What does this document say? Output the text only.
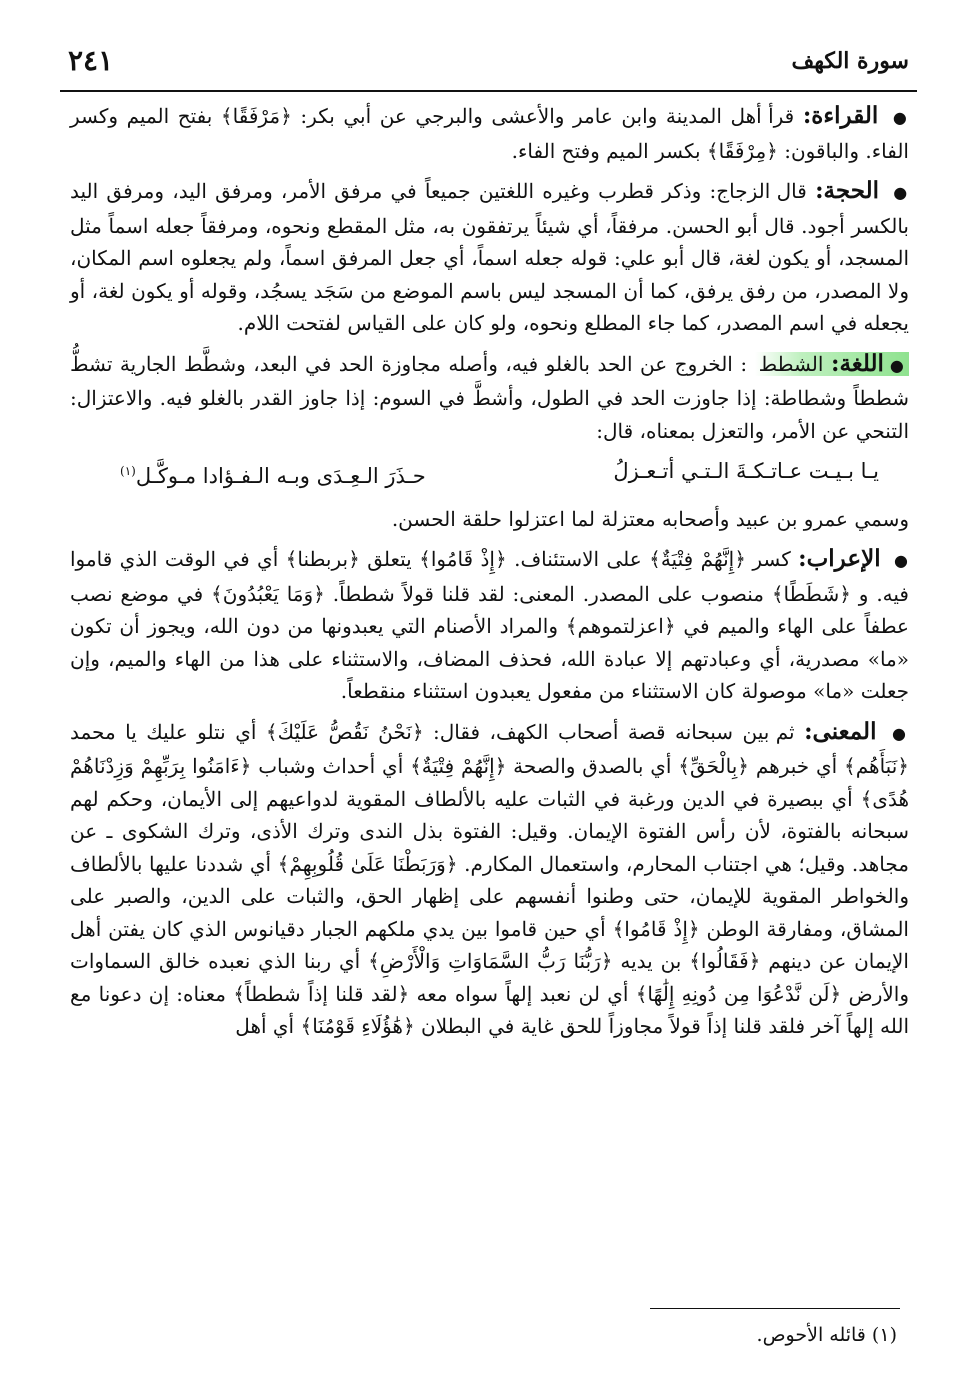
٢٤١	سورة الكهف

● القراءة: قرأ أهل المدينة وابن عامر والأعشى والبرجي عن أبي بكر: ﴿مَرْفَقًا﴾ بفتح الميم وكسر الفاء. والباقون: ﴿مِرْفَقًا﴾ بكسر الميم وفتح الفاء.

● الحجة: قال الزجاج: وذكر قطرب وغيره اللغتين جميعاً في مرفق الأمر، ومرفق اليد، ومرفق اليد بالكسر أجود. قال أبو الحسن. مرفقاً، أي شيئاً يرتفقون به، مثل المقطع ونحوه، ومرفقاً جعله اسماً مثل المسجد، أو يكون لغة، قال أبو علي: قوله جعله اسماً، أي جعل المرفق اسماً، ولم يجعلوه اسم المكان، ولا المصدر، من رفق يرفق، كما أن المسجد ليس باسم الموضع من سَجَد يسجُد، وقوله أو يكون لغة، أو يجعله في اسم المصدر، كما جاء المطلع ونحوه، ولو كان على القياس لفتحت اللام.

●اللغة: الشطط : الخروج عن الحد بالغلو فيه، وأصله مجاوزة الحد في البعد، وشطَّط الجارية تشطُّ شططاً وشطاطة: إذا جاوزت الحد في الطول، وأشطَّ في السوم: إذا جاوز القدر بالغلو فيه. والاعتزال: التنحي عن الأمر، والتعزل بمعناه، قال:

يـا بـيـت عـاتـكـةَ الـتـي أتـعـزلُ
حـذَرَ الـعِـدَى وبـه الـفـؤادا مـوكَّـل$^{(١)}$

وسمي عمرو بن عبيد وأصحابه معتزلة لما اعتزلوا حلقة الحسن.

● الإعراب: كسر ﴿إِنَّهُمْ فِتْيَةٌ﴾ على الاستئناف. ﴿إِذْ قَامُوا﴾ يتعلق ﴿بربطنا﴾ أي في الوقت الذي قاموا فيه. و ﴿شَطَطًا﴾ منصوب على المصدر. المعنى: لقد قلنا قولاً شططاً. ﴿وَمَا يَعْبُدُونَ﴾ في موضع نصب عطفاً على الهاء والميم في ﴿اعزلتموهم﴾ والمراد الأصنام التي يعبدونها من دون الله، ويجوز أن تكون «ما» مصدرية، أي وعبادتهم إلا عبادة الله، فحذف المضاف، والاستثناء على هذا من الهاء والميم، وإن جعلت «ما» موصولة كان الاستثناء من مفعول يعبدون استثناء منقطعاً.

● المعنى: ثم بين سبحانه قصة أصحاب الكهف، فقال: ﴿نَحْنُ نَقُصُّ عَلَيْكَ﴾ أي نتلو عليك يا محمد ﴿نَبَأَهُم﴾ أي خبرهم ﴿بِالْحَقِّ﴾ أي بالصدق والصحة ﴿إِنَّهُمْ فِتْيَةٌ﴾ أي أحداث وشباب ﴿ءَامَنُوا بِرَبِّهِمْ وَزِدْنَاهُمْ هُدًى﴾ أي ببصيرة في الدين ورغبة في الثبات عليه بالألطاف المقوية لدواعيهم إلى الأيمان، وحكم لهم سبحانه بالفتوة، لأن رأس الفتوة الإيمان. وقيل: الفتوة بذل الندى وترك الأذى، وترك الشكوى ـ عن مجاهد. وقيل؛ هي اجتناب المحارم، واستعمال المكارم. ﴿وَرَبَطْنَا عَلَىٰ قُلُوبِهِمْ﴾ أي شددنا عليها بالألطاف والخواطر المقوية للإيمان، حتى وطنوا أنفسهم على إظهار الحق، والثبات على الدين، والصبر على المشاق، ومفارقة الوطن ﴿إِذْ قَامُوا﴾ أي حين قاموا بين يدي ملكهم الجبار دقيانوس الذي كان يفتن أهل الإيمان عن دينهم ﴿فَقَالُوا﴾ بن يديه ﴿رَبُّنَا رَبُّ السَّمَاوَاتِ وَالْأَرْضِ﴾ أي ربنا الذي نعبده خالق السماوات والأرض ﴿لَن نَّدْعُوَا مِن دُونِهِ إِلَٰهًا﴾ أي لن نعبد إلهاً سواه معه ﴿لقد قلنا إذاً شططاً﴾ معناه: إن دعونا مع الله إلهاً آخر فلقد قلنا إذاً قولاً مجاوزاً للحق غاية في البطلان ﴿هَٰؤُلَاءِ قَوْمُنَا﴾ أي أهل

(١) قائله الأحوص.
